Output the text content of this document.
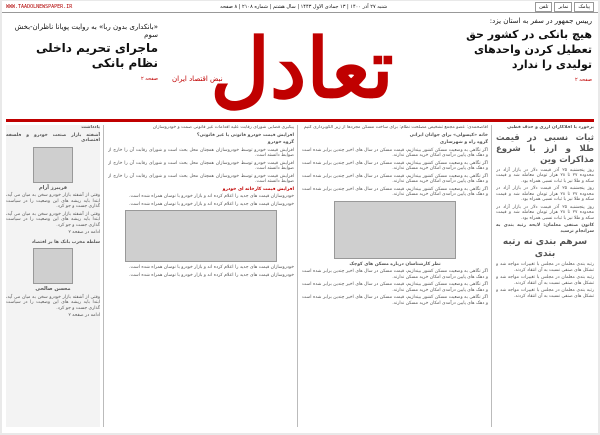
تلفن	نمابر	پیامک
شنبه ۲۷ آذر ۱۴۰۰ | ۱۳ جمادی الاول ۱۴۴۳ | سال هشتم | شماره ۲۱۰۸ | ۸ صفحه
WWW.TAADOLNEWSPAPER.IR

رییس جمهور در سفر به استان یزد:

هیچ بانکی در کشور حق تعطیل کردن واحدهای تولیدی را ندارد

صفحه ۲

تعادل
نبض اقتصاد ایران

«بانکداری بدون ربا» به روایت پویانا ناظران-بخش سوم

ماجرای تحریم داخلی نظام بانکی

صفحه ۲

برخورد با اقلاکاران ارزی و حذف قطبی

ثبات نسبی در قیمت طلا و ارز با شروع مذاکرات وین

روز پنجشنبه ۲۵ آذر قیمت دلار در بازار آزاد در محدوده ۲۷ تا ۲۸ هزار تومان معامله شد و قیمت سکه و طلا نیز با ثبات نسبی همراه بود.

روز پنجشنبه ۲۵ آذر قیمت دلار در بازار آزاد در محدوده ۲۷ تا ۲۸ هزار تومان معامله شد و قیمت سکه و طلا نیز با ثبات نسبی همراه بود.

روز پنجشنبه ۲۵ آذر قیمت دلار در بازار آزاد در محدوده ۲۷ تا ۲۸ هزار تومان معامله شد و قیمت سکه و طلا نیز با ثبات نسبی همراه بود.

کانون صنفی معلمان: لایحه رتبه بندی به سرانجام نرسید

سرهم بندی نه رتبه بندی

رتبه بندی معلمان در مجلس با تغییرات مواجه شد و تشکل های صنفی نسبت به آن انتقاد کردند.

رتبه بندی معلمان در مجلس با تغییرات مواجه شد و تشکل های صنفی نسبت به آن انتقاد کردند.

رتبه بندی معلمان در مجلس با تغییرات مواجه شد و تشکل های صنفی نسبت به آن انتقاد کردند.

اقاصحمدی: عضو مجمع تشخیص مصلحت نظام: برای ساخت مسکن مجردها از زیر الگوبرداری کنیم

خانه «کپسولی» برای جوانان ایرانی

گروه راه و شهرسازی

اگر نگاهی به وضعیت مسکن کشور بیندازیم، قیمت مسکن در سال های اخیر چندین برابر شده است و دهک های پایین درآمدی امکان خرید مسکن ندارند.

اگر نگاهی به وضعیت مسکن کشور بیندازیم، قیمت مسکن در سال های اخیر چندین برابر شده است و دهک های پایین درآمدی امکان خرید مسکن ندارند.

اگر نگاهی به وضعیت مسکن کشور بیندازیم، قیمت مسکن در سال های اخیر چندین برابر شده است و دهک های پایین درآمدی امکان خرید مسکن ندارند.

اگر نگاهی به وضعیت مسکن کشور بیندازیم، قیمت مسکن در سال های اخیر چندین برابر شده است و دهک های پایین درآمدی امکان خرید مسکن ندارند.

نظر کارشناسان درباره مسکن های کوچک

اگر نگاهی به وضعیت مسکن کشور بیندازیم، قیمت مسکن در سال های اخیر چندین برابر شده است و دهک های پایین درآمدی امکان خرید مسکن ندارند.

اگر نگاهی به وضعیت مسکن کشور بیندازیم، قیمت مسکن در سال های اخیر چندین برابر شده است و دهک های پایین درآمدی امکان خرید مسکن ندارند.

اگر نگاهی به وضعیت مسکن کشور بیندازیم، قیمت مسکن در سال های اخیر چندین برابر شده است و دهک های پایین درآمدی امکان خرید مسکن ندارند.

پیگیری قضایی شورای رقابت علیه اقدامات غیر قانونی صمت و خودروسازان

افزایش قیمت خودرو قانونی یا غیر قانونی؟

گروه خودرو

افزایش قیمت خودرو توسط خودروسازان همچنان محل بحث است و شورای رقابت آن را خارج از ضوابط دانسته است.

افزایش قیمت خودرو توسط خودروسازان همچنان محل بحث است و شورای رقابت آن را خارج از ضوابط دانسته است.

افزایش قیمت خودرو توسط خودروسازان همچنان محل بحث است و شورای رقابت آن را خارج از ضوابط دانسته است.

افزایش قیمت کارخانه ای خودرو

خودروسازان قیمت های جدید را اعلام کرده اند و بازار خودرو با نوسان همراه شده است.

خودروسازان قیمت های جدید را اعلام کرده اند و بازار خودرو با نوسان همراه شده است.

خودروسازان قیمت های جدید را اعلام کرده اند و بازار خودرو با نوسان همراه شده است.

خودروسازان قیمت های جدید را اعلام کرده اند و بازار خودرو با نوسان همراه شده است.

یادداشت

آشفته بازار صنعت خودرو و فلسفه اقتصادی

فریبرز آرام

وقتی از آشفته بازار خودرو سخن به میان می آید، ابتدا باید ریشه های این وضعیت را در سیاست گذاری جست و جو کرد.

وقتی از آشفته بازار خودرو سخن به میان می آید، ابتدا باید ریشه های این وضعیت را در سیاست گذاری جست و جو کرد.

ادامه در صفحه ۲

سلطه مخرب بانک ها بر اقتصاد

محسن صالحی

وقتی از آشفته بازار خودرو سخن به میان می آید، ابتدا باید ریشه های این وضعیت را در سیاست گذاری جست و جو کرد.

ادامه در صفحه ۲
